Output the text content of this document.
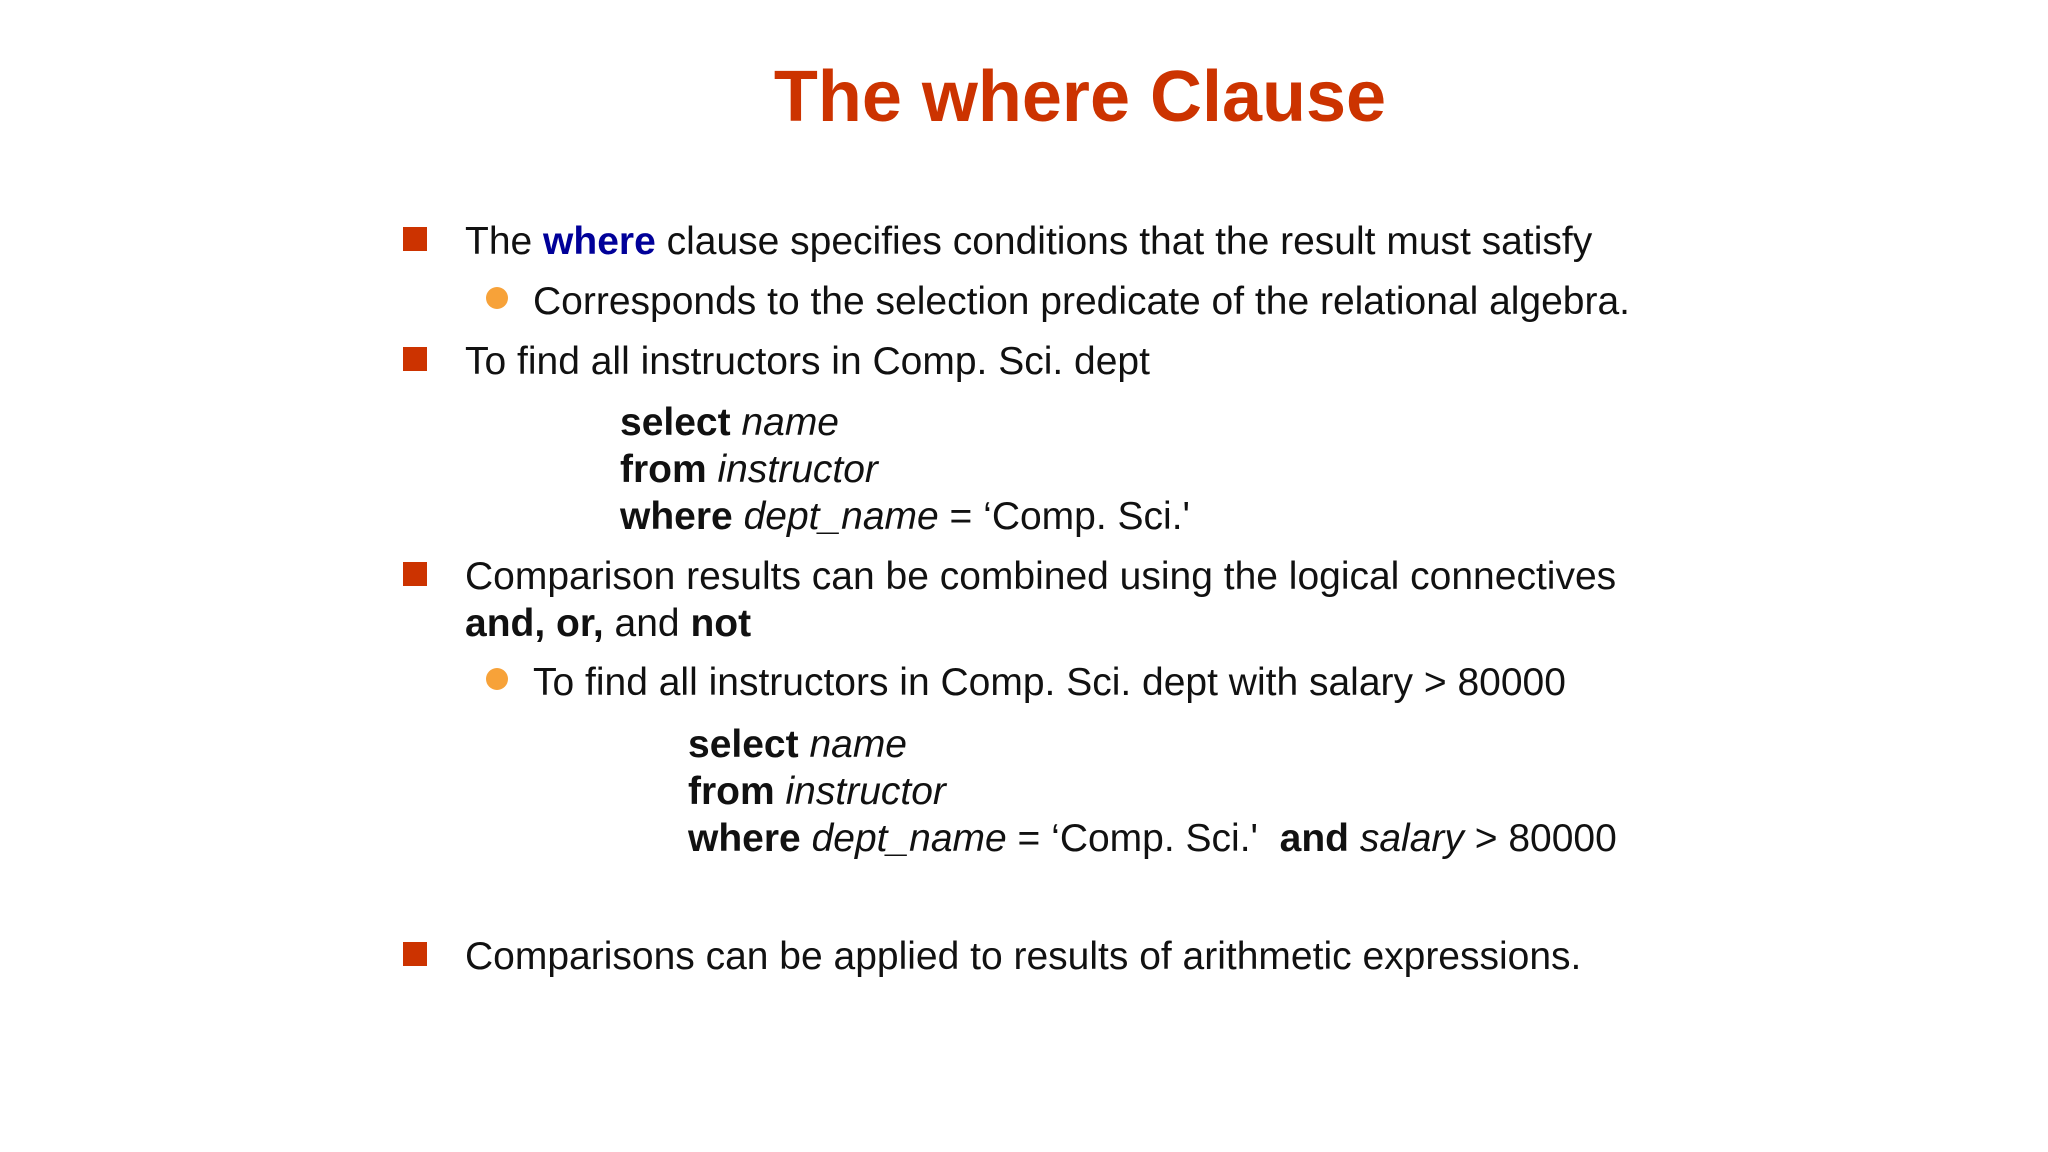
The where Clause
The where clause specifies conditions that the result must satisfy
Corresponds to the selection predicate of the relational algebra.
To find all instructors in Comp. Sci. dept
select name
from instructor
where dept_name = ‘Comp. Sci.'
Comparison results can be combined using the logical connectives
and, or, and not
To find all instructors in Comp. Sci. dept with salary > 80000
select name
from instructor
where dept_name = ‘Comp. Sci.'  and salary > 80000
Comparisons can be applied to results of arithmetic expressions.
